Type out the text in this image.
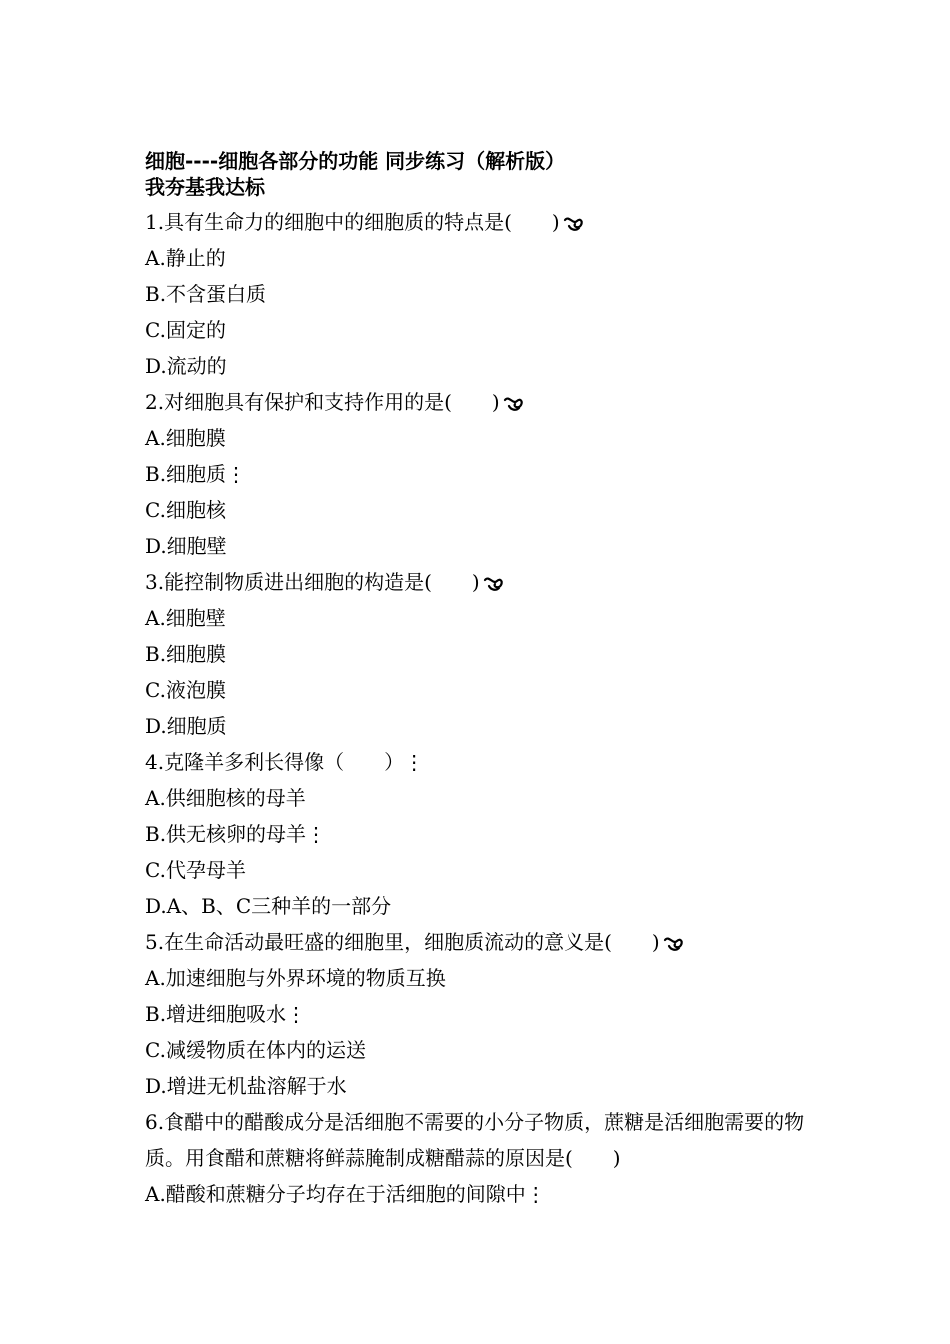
细胞----细胞各部分的功能 同步练习（解析版）
我夯基我达标
1.具有生命力的细胞中的细胞质的特点是(　　)
A.静止的
B.不含蛋白质
C.固定的
D.流动的
2.对细胞具有保护和支持作用的是(　　)
A.细胞膜
B.细胞质⋮
C.细胞核
D.细胞壁
3.能控制物质进出细胞的构造是(　　)
A.细胞壁
B.细胞膜
C.液泡膜
D.细胞质
4.克隆羊多利长得像（　　）⋮
A.供细胞核的母羊
B.供无核卵的母羊⋮
C.代孕母羊
D.A、B、C三种羊的一部分
5.在生命活动最旺盛的细胞里，细胞质流动的意义是(　　)
A.加速细胞与外界环境的物质互换
B.增进细胞吸水⋮
C.减缓物质在体内的运送
D.增进无机盐溶解于水
6.食醋中的醋酸成分是活细胞不需要的小分子物质，蔗糖是活细胞需要的物质。用食醋和蔗糖将鲜蒜腌制成糖醋蒜的原因是(　　)
A.醋酸和蔗糖分子均存在于活细胞的间隙中⋮
